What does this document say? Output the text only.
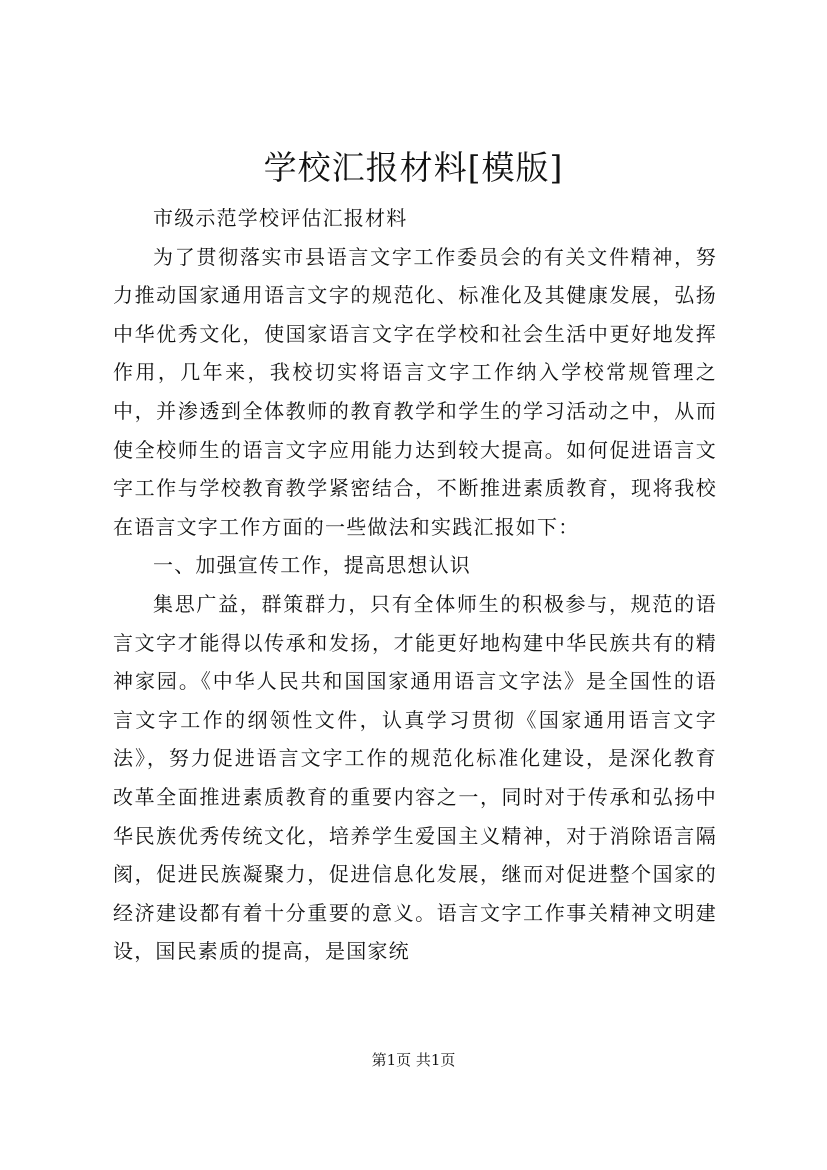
学校汇报材料[模版]

市级示范学校评估汇报材料

为了贯彻落实市县语言文字工作委员会的有关文件精神，努力推动国家通用语言文字的规范化、标准化及其健康发展，弘扬中华优秀文化，使国家语言文字在学校和社会生活中更好地发挥作用，几年来，我校切实将语言文字工作纳入学校常规管理之中，并渗透到全体教师的教育教学和学生的学习活动之中，从而使全校师生的语言文字应用能力达到较大提高。如何促进语言文字工作与学校教育教学紧密结合，不断推进素质教育，现将我校在语言文字工作方面的一些做法和实践汇报如下：

一、加强宣传工作，提高思想认识

集思广益，群策群力，只有全体师生的积极参与，规范的语言文字才能得以传承和发扬，才能更好地构建中华民族共有的精神家园。《中华人民共和国国家通用语言文字法》是全国性的语言文字工作的纲领性文件，认真学习贯彻《国家通用语言文字法》，努力促进语言文字工作的规范化标准化建设，是深化教育改革全面推进素质教育的重要内容之一，同时对于传承和弘扬中华民族优秀传统文化，培养学生爱国主义精神，对于消除语言隔阂，促进民族凝聚力，促进信息化发展，继而对促进整个国家的经济建设都有着十分重要的意义。语言文字工作事关精神文明建设，国民素质的提高，是国家统

第1页 共1页
